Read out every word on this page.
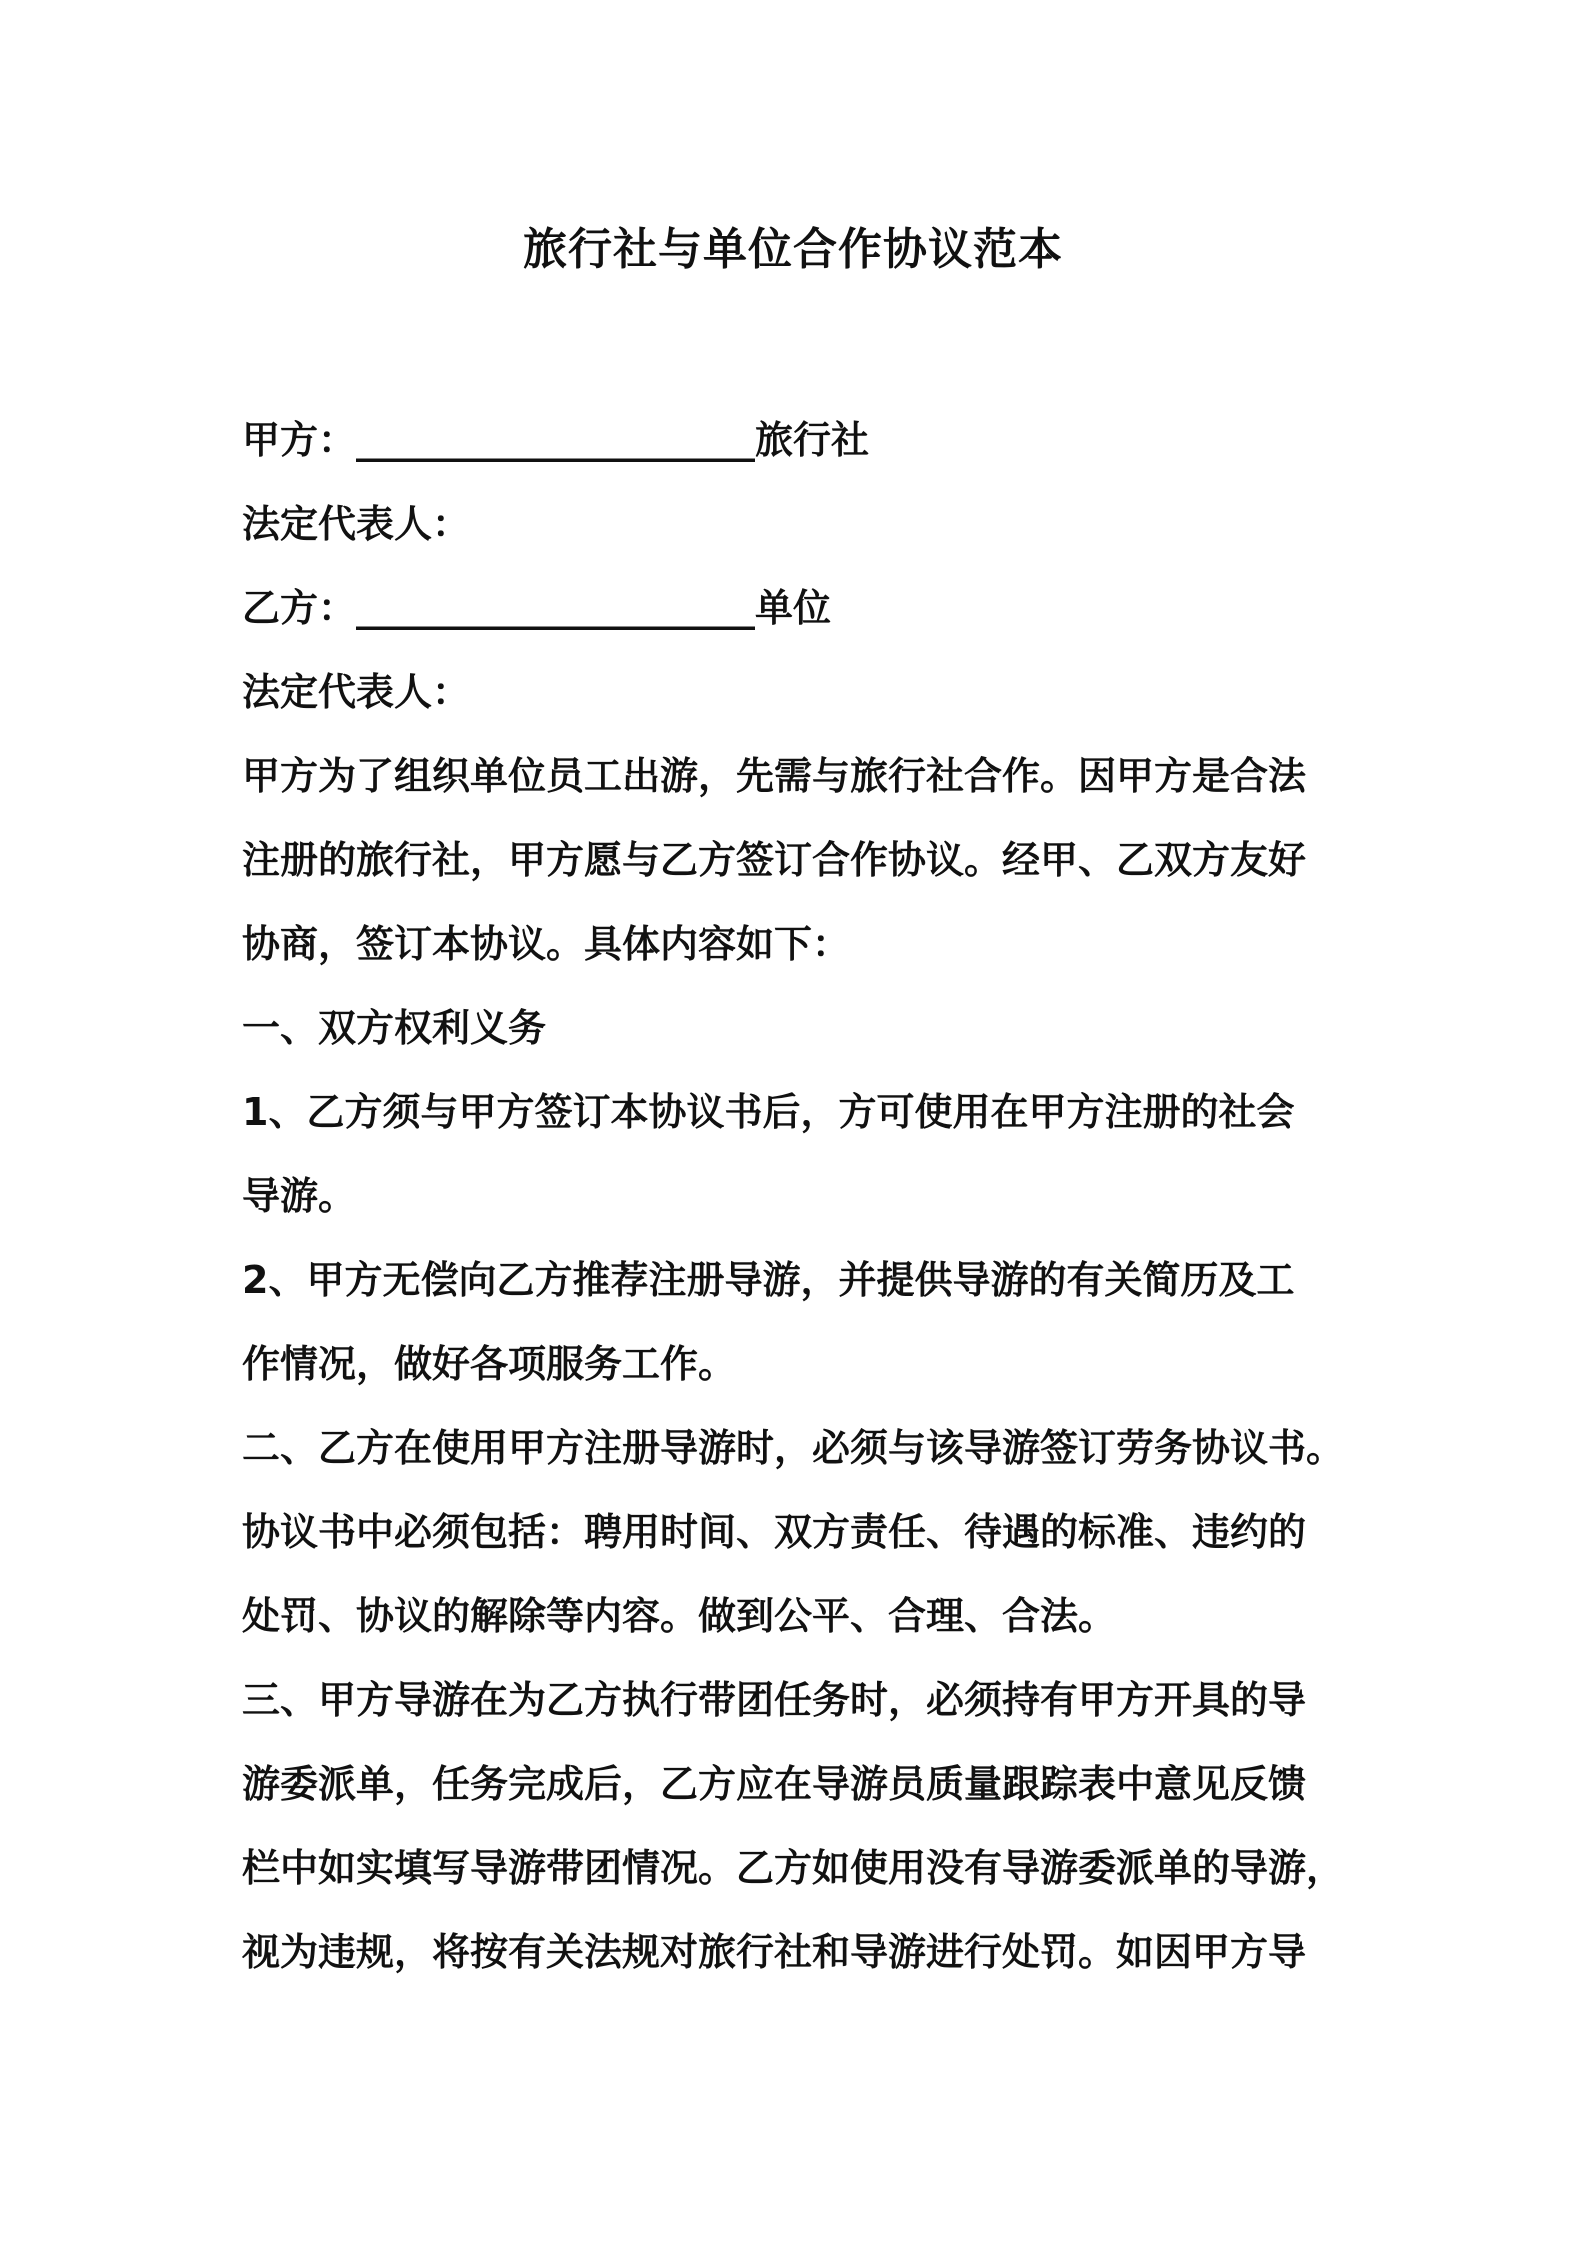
旅行社与单位合作协议范本
甲方：_____________________旅行社
法定代表人：
乙方：_____________________单位
法定代表人：
甲方为了组织单位员工出游，先需与旅行社合作。因甲方是合法
注册的旅行社，甲方愿与乙方签订合作协议。经甲、乙双方友好
协商，签订本协议。具体内容如下：
一、双方权利义务
1、乙方须与甲方签订本协议书后，方可使用在甲方注册的社会
导游。
2、甲方无偿向乙方推荐注册导游，并提供导游的有关简历及工
作情况，做好各项服务工作。
二、乙方在使用甲方注册导游时，必须与该导游签订劳务协议书。
协议书中必须包括：聘用时间、双方责任、待遇的标准、违约的
处罚、协议的解除等内容。做到公平、合理、合法。
三、甲方导游在为乙方执行带团任务时，必须持有甲方开具的导
游委派单，任务完成后，乙方应在导游员质量跟踪表中意见反馈
栏中如实填写导游带团情况。乙方如使用没有导游委派单的导游，
视为违规，将按有关法规对旅行社和导游进行处罚。如因甲方导
